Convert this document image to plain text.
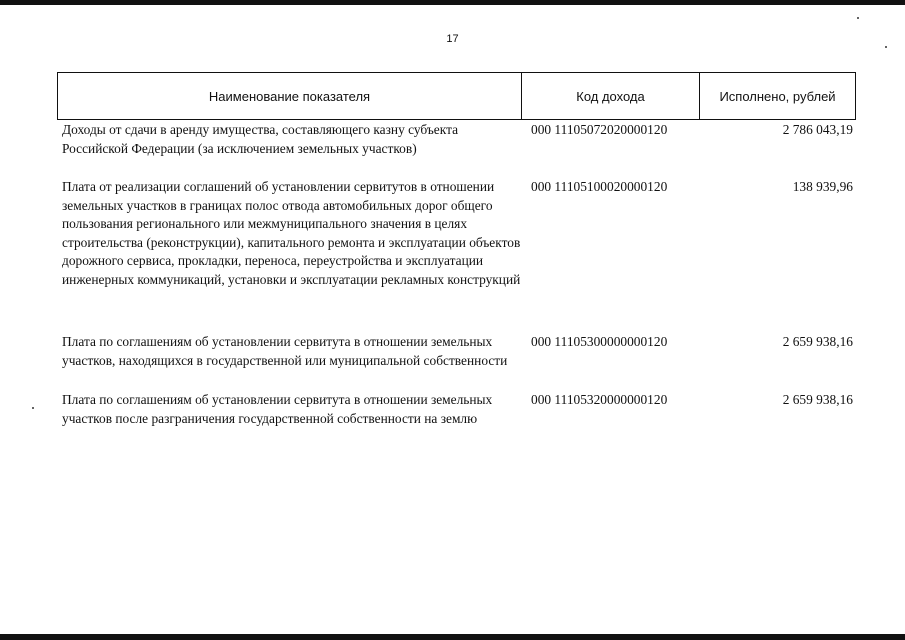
17
Наименование показателя	Код дохода	Исполнено, рублей
Доходы от сдачи в аренду имущества, составляющего казну субъекта Российской Федерации (за исключением земельных участков)
000 11105072020000120	2 786 043,19
Плата от реализации соглашений об установлении сервитутов в отношении земельных участков в границах полос отвода автомобильных дорог общего пользования регионального или межмуниципального значения в целях строительства (реконструкции), капитального ремонта и эксплуатации объектов дорожного сервиса, прокладки, переноса, переустройства и эксплуатации инженерных коммуникаций, установки и эксплуатации рекламных конструкций
000 11105100020000120	138 939,96
Плата по соглашениям об установлении сервитута в отношении земельных участков, находящихся в государственной или муниципальной собственности
000 11105300000000120	2 659 938,16
Плата по соглашениям об установлении сервитута в отношении земельных участков после разграничения государственной собственности на землю
000 11105320000000120	2 659 938,16
